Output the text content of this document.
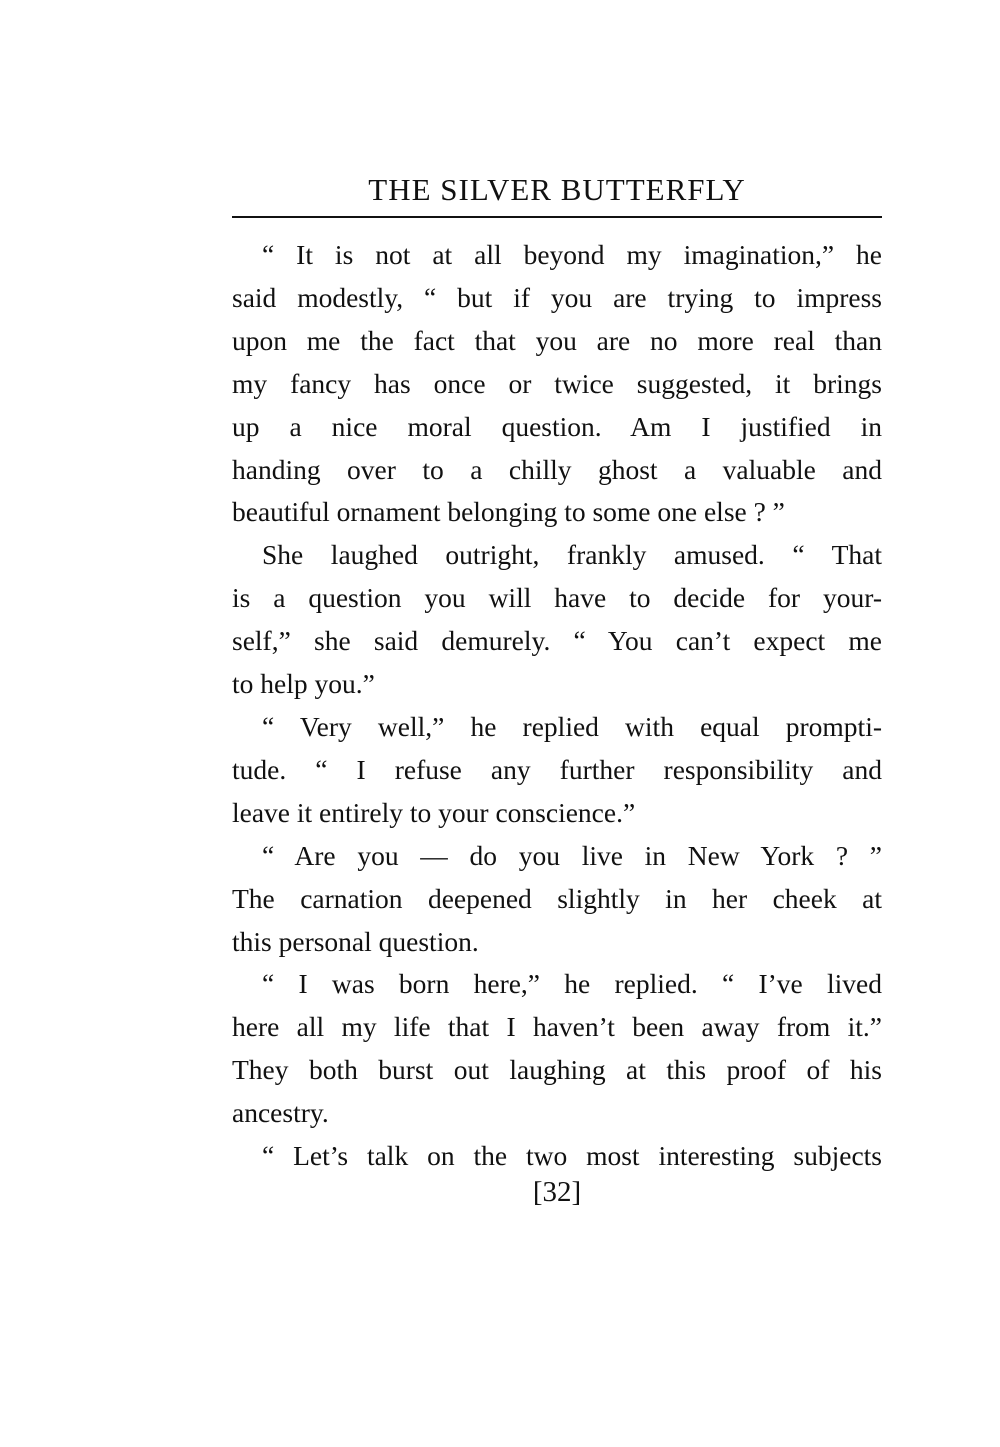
THE SILVER BUTTERFLY
“ It is not at all beyond my imagination,” he
said modestly, “ but if you are trying to impress
upon me the fact that you are no more real than
my fancy has once or twice suggested, it brings
up a nice moral question. Am I justified in
handing over to a chilly ghost a valuable and
beautiful ornament belonging to some one else ? ”
She laughed outright, frankly amused. “ That
is a question you will have to decide for your-
self,” she said demurely. “ You can’t expect me
to help you.”
“ Very well,” he replied with equal prompti-
tude. “ I refuse any further responsibility and
leave it entirely to your conscience.”
“ Are you — do you live in New York ? ”
The carnation deepened slightly in her cheek at
this personal question.
“ I was born here,” he replied. “ I’ve lived
here all my life that I haven’t been away from it.”
They both burst out laughing at this proof of his
ancestry.
“ Let’s talk on the two most interesting subjects
[32]
